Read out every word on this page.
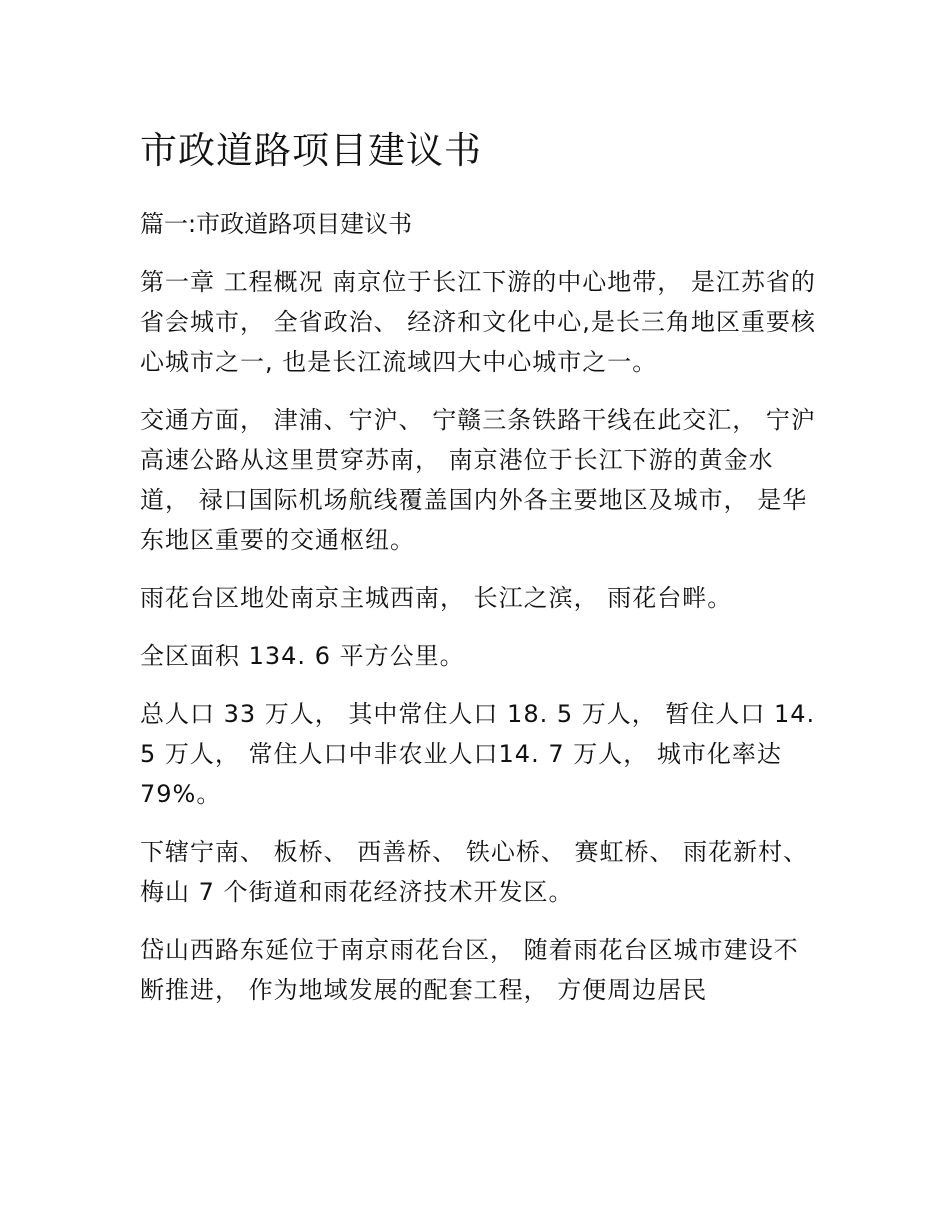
市政道路项目建议书

篇一:市政道路项目建议书

第一章 工程概况 南京位于长江下游的中心地带， 是江苏省的省会城市， 全省政治、 经济和文化中心,是长三角地区重要核心城市之一, 也是长江流域四大中心城市之一。

交通方面， 津浦、宁沪、 宁赣三条铁路干线在此交汇， 宁沪高速公路从这里贯穿苏南， 南京港位于长江下游的黄金水道， 禄口国际机场航线覆盖国内外各主要地区及城市， 是华东地区重要的交通枢纽。

雨花台区地处南京主城西南， 长江之滨， 雨花台畔。

全区面积 134. 6 平方公里。

总人口 33 万人， 其中常住人口 18. 5 万人， 暂住人口 14. 5 万人， 常住人口中非农业人口14. 7 万人， 城市化率达 79%。

下辖宁南、 板桥、 西善桥、 铁心桥、 赛虹桥、 雨花新村、梅山 7 个街道和雨花经济技术开发区。

岱山西路东延位于南京雨花台区， 随着雨花台区城市建设不断推进， 作为地域发展的配套工程， 方便周边居民
